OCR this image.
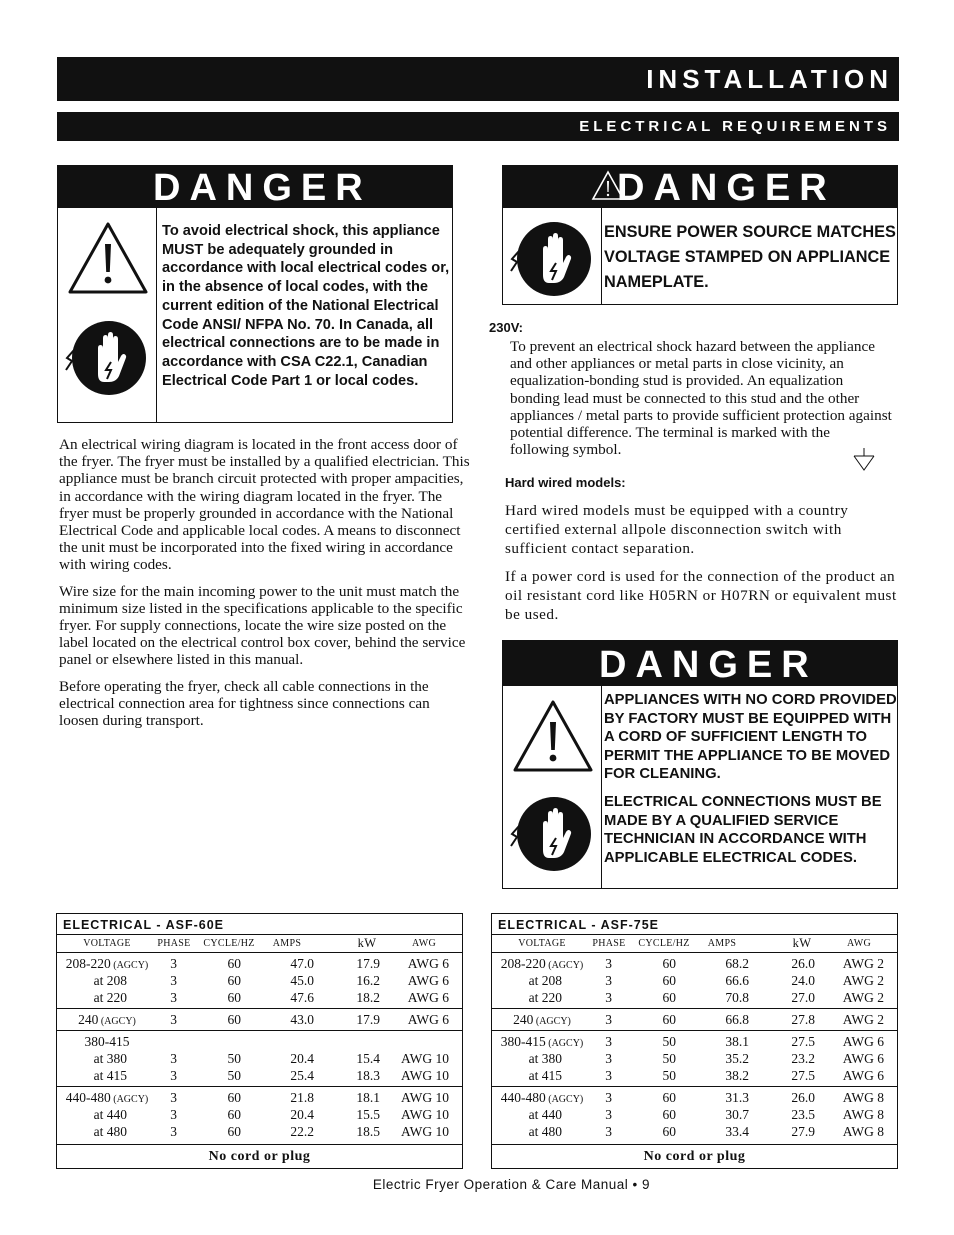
INSTALLATION
ELECTRICAL REQUIREMENTS
DANGER
To avoid electrical shock, this appliance MUST be adequately grounded in accordance with local electrical codes or, in the absence of local codes, with the current edition of the National Electrical Code ANSI/ NFPA No. 70. In Canada, all electrical connections are to be made in accordance with CSA C22.1, Canadian Electrical Code Part 1 or local codes.
DANGER
ENSURE POWER SOURCE MATCHES VOLTAGE STAMPED ON APPLIANCE NAMEPLATE.

An electrical wiring diagram is located in the front access door of the fryer. The fryer must be installed by a qualified electrician. This appliance must be branch circuit protected with proper ampacities, in accordance with the wiring diagram located in the fryer. The fryer must be properly grounded in accordance with the National Electrical Code and applicable local codes. A means to disconnect the unit must be incorporated into the fixed wiring in accordance with wiring codes.

Wire size for the main incoming power to the unit must match the minimum size listed in the specifications applicable to the specific fryer. For supply connections, locate the wire size posted on the label located on the electrical control box cover, behind the service panel or elsewhere listed in this manual.

Before operating the fryer, check all cable connections in the electrical connection area for tightness since connections can loosen during transport.

230V:
To prevent an electrical shock hazard between the appliance and other appliances or metal parts in close vicinity, an equalization-bonding stud is provided. An equalization bonding lead must be connected to this stud and the other appliances / metal parts to provide sufficient protection against potential difference. The terminal is marked with the following symbol.
Hard wired models:

Hard wired models must be equipped with a country certified external allpole disconnection switch with sufficient contact separation.

If a power cord is used for the connection of the product an oil resistant cord like H05RN or H07RN or equivalent must be used.

DANGER

APPLIANCES WITH NO CORD PROVIDED BY FACTORY MUST BE EQUIPPED WITH A CORD OF SUFFICIENT LENGTH TO PERMIT THE APPLIANCE TO BE MOVED FOR CLEANING.

ELECTRICAL CONNECTIONS MUST BE MADE BY A QUALIFIED SERVICE TECHNICIAN IN ACCORDANCE WITH APPLICABLE ELECTRICAL CODES.

ELECTRICAL - ASF-60E
VOLTAGE	PHASE CYCLE/HZ AMPS	kW	AWG
208-220 (AGCY) 3	60	47.0	17.9 AWG 6
at 208	3	60	45.0	16.2 AWG 6
at 220	3	60	47.6	18.2 AWG 6
240 (AGCY)	3	60	43.0	17.9 AWG 6
380-415
at 380	3	50	20.4	15.4 AWG 10
at 415	3	50	25.4	18.3 AWG 10
440-480 (AGCY) 3	60	21.8	18.1 AWG 10
at 440	3	60	20.4	15.5 AWG 10
at 480	3	60	22.2	18.5 AWG 10
No cord or plug
ELECTRICAL - ASF-75E
VOLTAGE	PHASE CYCLE/HZ AMPS	kW	AWG
208-220 (AGCY) 3	60	68.2	26.0 AWG 2
at 208	3	60	66.6	24.0 AWG 2
at 220	3	60	70.8	27.0 AWG 2
240 (AGCY)	3	60	66.8	27.8 AWG 2
380-415 (AGCY) 3	50	38.1	27.5 AWG 6
at 380	3	50	35.2	23.2 AWG 6
at 415	3	50	38.2	27.5 AWG 6
440-480 (AGCY) 3	60	31.3	26.0 AWG 8
at 440	3	60	30.7	23.5 AWG 8
at 480	3	60	33.4	27.9 AWG 8
No cord or plug
Electric Fryer Operation & Care Manual • 9
